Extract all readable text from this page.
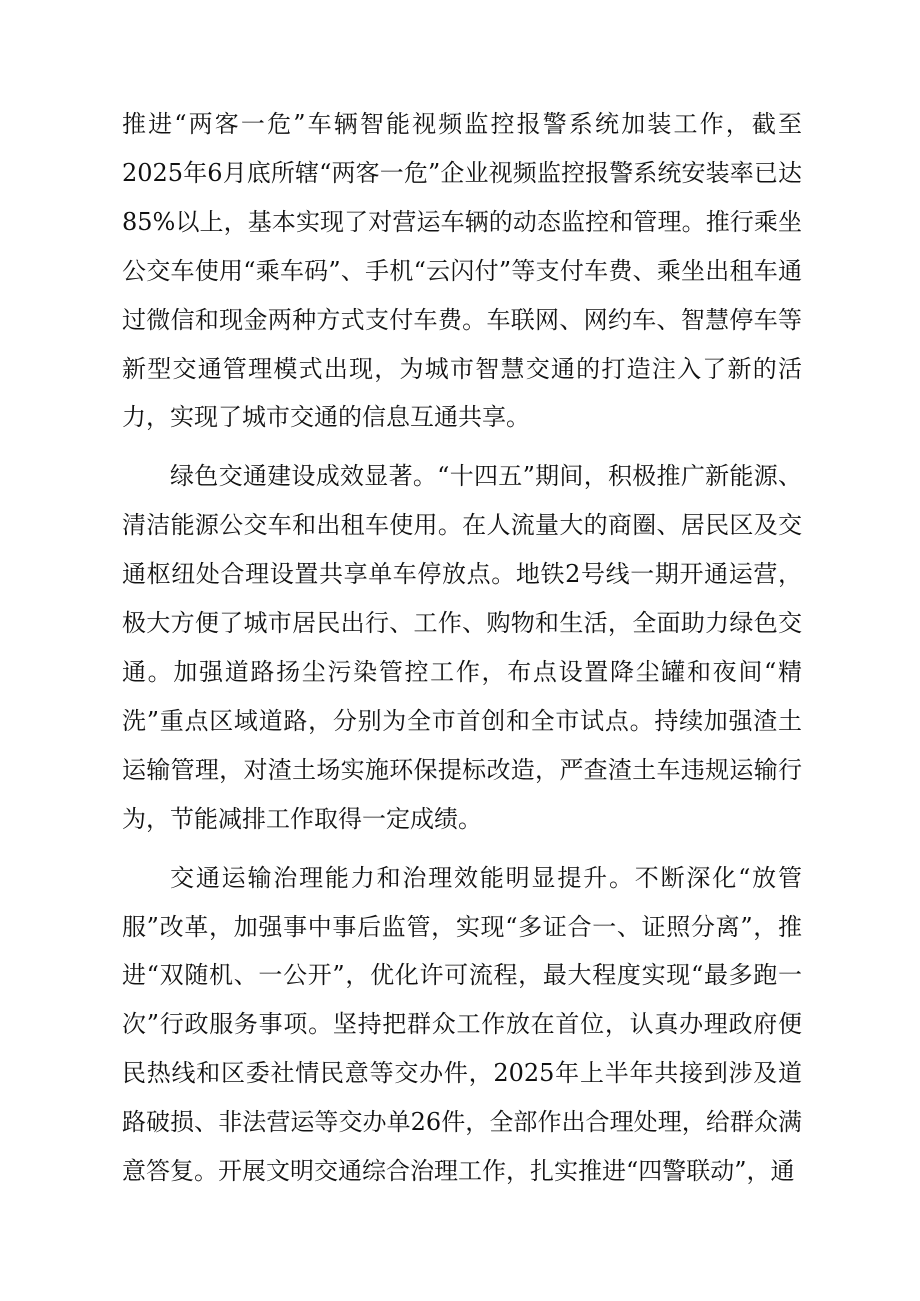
推进“两客一危”车辆智能视频监控报警系统加装工作，截至2025年6月底所辖“两客一危”企业视频监控报警系统安装率已达85%以上，基本实现了对营运车辆的动态监控和管理。推行乘坐公交车使用“乘车码”、手机“云闪付”等支付车费、乘坐出租车通过微信和现金两种方式支付车费。车联网、网约车、智慧停车等新型交通管理模式出现，为城市智慧交通的打造注入了新的活力，实现了城市交通的信息互通共享。

绿色交通建设成效显著。“十四五”期间，积极推广新能源、清洁能源公交车和出租车使用。在人流量大的商圈、居民区及交通枢纽处合理设置共享单车停放点。地铁2号线一期开通运营，极大方便了城市居民出行、工作、购物和生活，全面助力绿色交通。加强道路扬尘污染管控工作，布点设置降尘罐和夜间“精洗”重点区域道路，分别为全市首创和全市试点。持续加强渣土运输管理，对渣土场实施环保提标改造，严查渣土车违规运输行为，节能减排工作取得一定成绩。

交通运输治理能力和治理效能明显提升。不断深化“放管服”改革，加强事中事后监管，实现“多证合一、证照分离”，推进“双随机、一公开”，优化许可流程，最大程度实现“最多跑一次”行政服务事项。坚持把群众工作放在首位，认真办理政府便民热线和区委社情民意等交办件，2025年上半年共接到涉及道路破损、非法营运等交办单26件，全部作出合理处理，给群众满意答复。开展文明交通综合治理工作，扎实推进“四警联动”，通
